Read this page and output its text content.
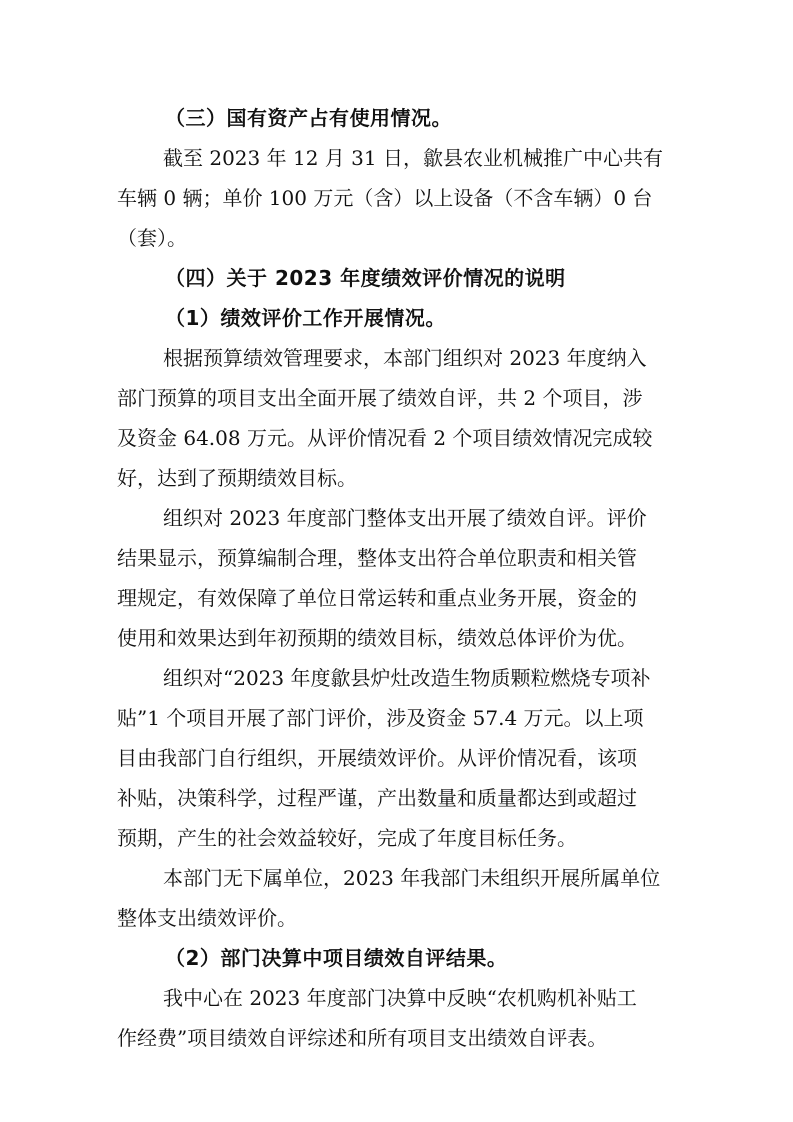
（三）国有资产占有使用情况。
截至 2023 年 12 月 31 日，歙县农业机械推广中心共有
车辆 0 辆；单价 100 万元（含）以上设备（不含车辆）0 台
（套）。
（四）关于 2023 年度绩效评价情况的说明
（1）绩效评价工作开展情况。
根据预算绩效管理要求，本部门组织对 2023 年度纳入
部门预算的项目支出全面开展了绩效自评，共 2 个项目，涉
及资金 64.08 万元。从评价情况看 2 个项目绩效情况完成较
好，达到了预期绩效目标。
组织对 2023 年度部门整体支出开展了绩效自评。评价
结果显示，预算编制合理，整体支出符合单位职责和相关管
理规定，有效保障了单位日常运转和重点业务开展，资金的
使用和效果达到年初预期的绩效目标，绩效总体评价为优。
组织对“2023 年度歙县炉灶改造生物质颗粒燃烧专项补
贴”1 个项目开展了部门评价，涉及资金 57.4 万元。以上项
目由我部门自行组织，开展绩效评价。从评价情况看，该项
补贴，决策科学，过程严谨，产出数量和质量都达到或超过
预期，产生的社会效益较好，完成了年度目标任务。
本部门无下属单位，2023 年我部门未组织开展所属单位
整体支出绩效评价。
（2）部门决算中项目绩效自评结果。
我中心在 2023 年度部门决算中反映“农机购机补贴工
作经费”项目绩效自评综述和所有项目支出绩效自评表。
